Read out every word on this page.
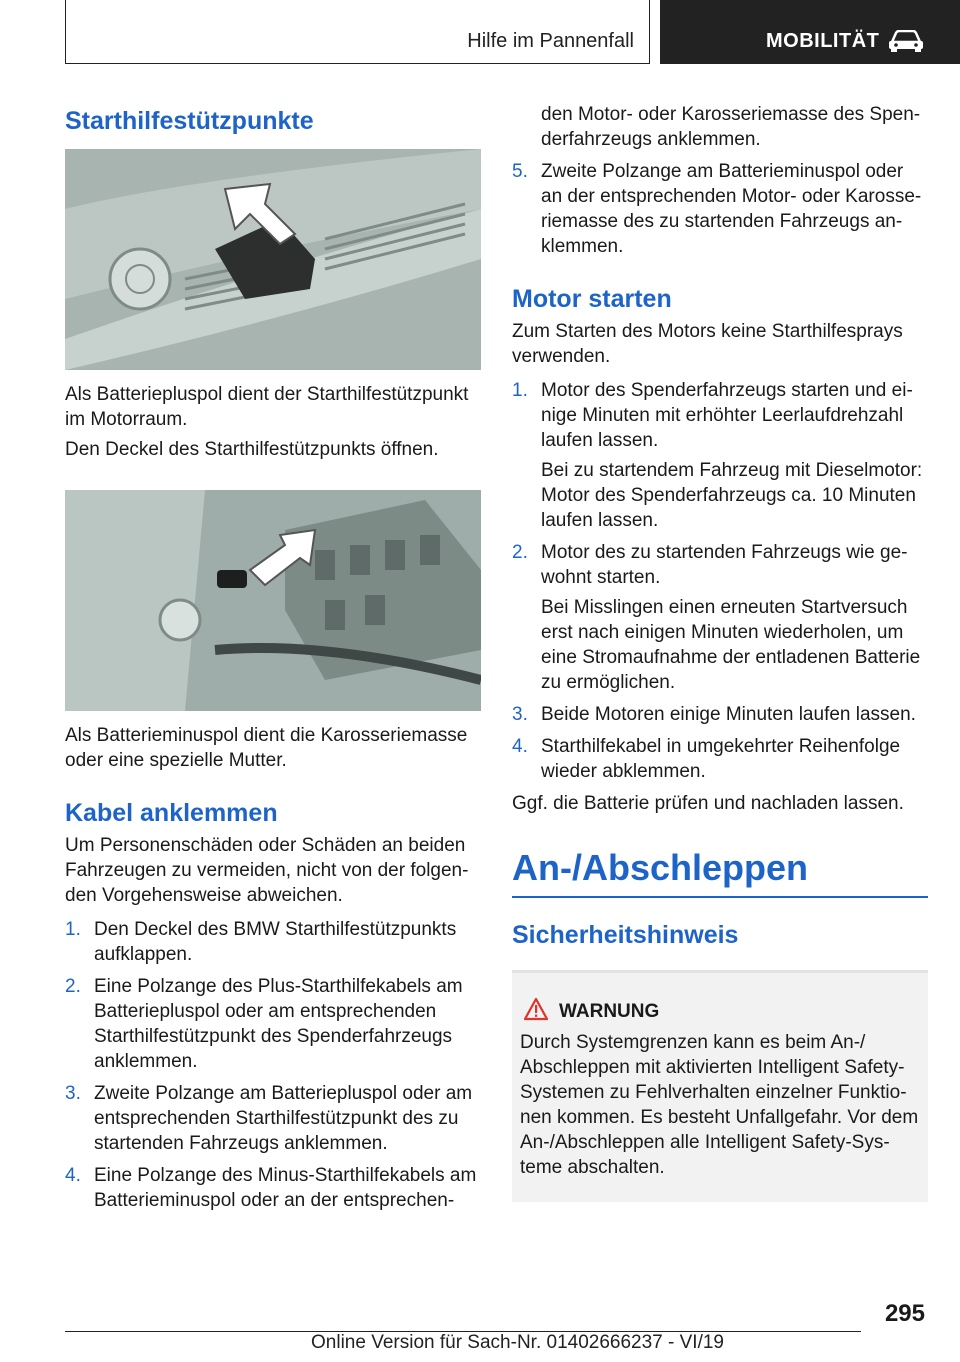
Hilfe im Pannenfall	MOBILITÄT
Starthilfestützpunkte

Als Batteriepluspol dient der Starthilfestützpunkt im Motorraum.

Den Deckel des Starthilfestützpunkts öffnen.

Als Batterieminuspol dient die Karosseriemasse oder eine spezielle Mutter.

Kabel anklemmen

Um Personenschäden oder Schäden an beiden Fahrzeugen zu vermeiden, nicht von der folgen-den Vorgehensweise abweichen.

1. Den Deckel des BMW Starthilfestützpunkts aufklappen.
2. Eine Polzange des Plus-Starthilfekabels am Batteriepluspol oder am entsprechenden Starthilfestützpunkt des Spenderfahrzeugs anklemmen.
3. Zweite Polzange am Batteriepluspol oder am entsprechenden Starthilfestützpunkt des zu startenden Fahrzeugs anklemmen.
4. Eine Polzange des Minus-Starthilfekabels am Batterieminuspol oder an der entsprechen-
den Motor- oder Karosseriemasse des Spen-derfahrzeugs anklemmen.
5. Zweite Polzange am Batterieminuspol oder an der entsprechenden Motor- oder Karosse-riemasse des zu startenden Fahrzeugs an-klemmen.
Motor starten

Zum Starten des Motors keine Starthilfesprays verwenden.

1. Motor des Spenderfahrzeugs starten und ei-nige Minuten mit erhöhter Leerlaufdrehzahl laufen lassen.
Bei zu startendem Fahrzeug mit Dieselmotor: Motor des Spenderfahrzeugs ca. 10 Minuten laufen lassen.
2. Motor des zu startenden Fahrzeugs wie ge-wohnt starten.
Bei Misslingen einen erneuten Startversuch erst nach einigen Minuten wiederholen, um eine Stromaufnahme der entladenen Batterie zu ermöglichen.
3. Beide Motoren einige Minuten laufen lassen.
4. Starthilfekabel in umgekehrter Reihenfolge wieder abklemmen.

Ggf. die Batterie prüfen und nachladen lassen.

An-/Abschleppen
Sicherheitshinweis
WARNUNG

Durch Systemgrenzen kann es beim An-/ Abschleppen mit aktivierten Intelligent Safety-Systemen zu Fehlverhalten einzelner Funktio-nen kommen. Es besteht Unfallgefahr. Vor dem An-/Abschleppen alle Intelligent Safety-Sys-teme abschalten.

295
Online Version für Sach-Nr. 01402666237 - VI/19
